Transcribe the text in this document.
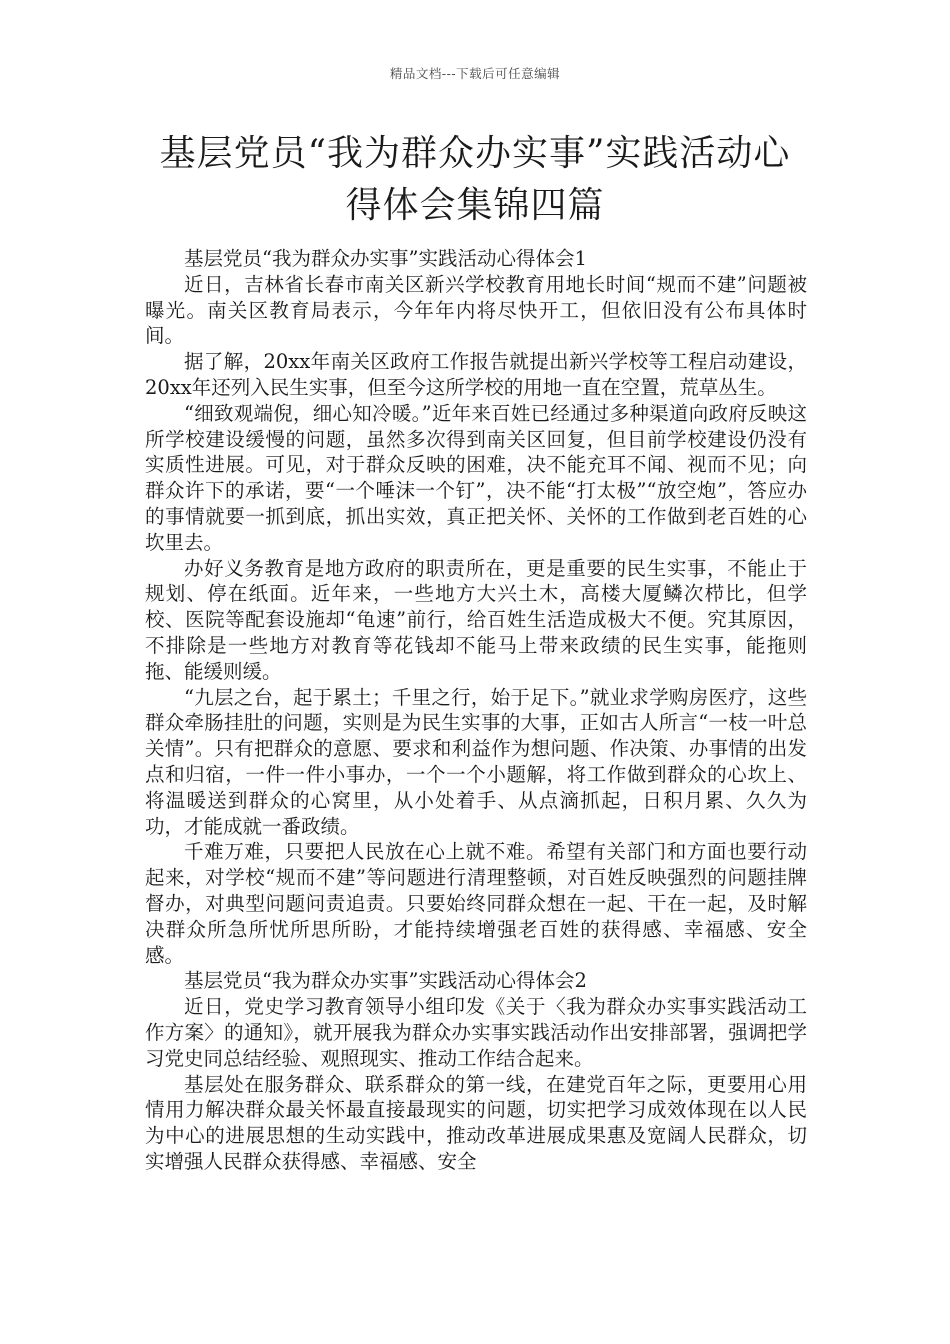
精品文档---下载后可任意编辑
基层党员“我为群众办实事”实践活动心
得体会集锦四篇

基层党员“我为群众办实事”实践活动心得体会1

近日，吉林省长春市南关区新兴学校教育用地长时间“规而不建”问题被曝光。南关区教育局表示，今年年内将尽快开工，但依旧没有公布具体时间。

据了解，20xx年南关区政府工作报告就提出新兴学校等工程启动建设，20xx年还列入民生实事，但至今这所学校的用地一直在空置，荒草丛生。

“细致观端倪，细心知冷暖。”近年来百姓已经通过多种渠道向政府反映这所学校建设缓慢的问题，虽然多次得到南关区回复，但目前学校建设仍没有实质性进展。可见，对于群众反映的困难，决不能充耳不闻、视而不见；向群众许下的承诺，要“一个唾沫一个钉”，决不能“打太极”“放空炮”，答应办的事情就要一抓到底，抓出实效，真正把关怀、关怀的工作做到老百姓的心坎里去。

办好义务教育是地方政府的职责所在，更是重要的民生实事，不能止于规划、停在纸面。近年来，一些地方大兴土木，高楼大厦鳞次栉比，但学校、医院等配套设施却“龟速”前行，给百姓生活造成极大不便。究其原因，不排除是一些地方对教育等花钱却不能马上带来政绩的民生实事，能拖则拖、能缓则缓。

“九层之台，起于累土；千里之行，始于足下。”就业求学购房医疗，这些群众牵肠挂肚的问题，实则是为民生实事的大事，正如古人所言“一枝一叶总关情”。只有把群众的意愿、要求和利益作为想问题、作决策、办事情的出发点和归宿，一件一件小事办，一个一个小题解，将工作做到群众的心坎上、将温暖送到群众的心窝里，从小处着手、从点滴抓起，日积月累、久久为功，才能成就一番政绩。

千难万难，只要把人民放在心上就不难。希望有关部门和方面也要行动起来，对学校“规而不建”等问题进行清理整顿，对百姓反映强烈的问题挂牌督办，对典型问题问责追责。只要始终同群众想在一起、干在一起，及时解决群众所急所忧所思所盼，才能持续增强老百姓的获得感、幸福感、安全感。

基层党员“我为群众办实事”实践活动心得体会2

近日，党史学习教育领导小组印发《关于〈我为群众办实事实践活动工作方案〉的通知》，就开展我为群众办实事实践活动作出安排部署，强调把学习党史同总结经验、观照现实、推动工作结合起来。

基层处在服务群众、联系群众的第一线，在建党百年之际，更要用心用情用力解决群众最关怀最直接最现实的问题，切实把学习成效体现在以人民为中心的进展思想的生动实践中，推动改革进展成果惠及宽阔人民群众，切实增强人民群众获得感、幸福感、安全
